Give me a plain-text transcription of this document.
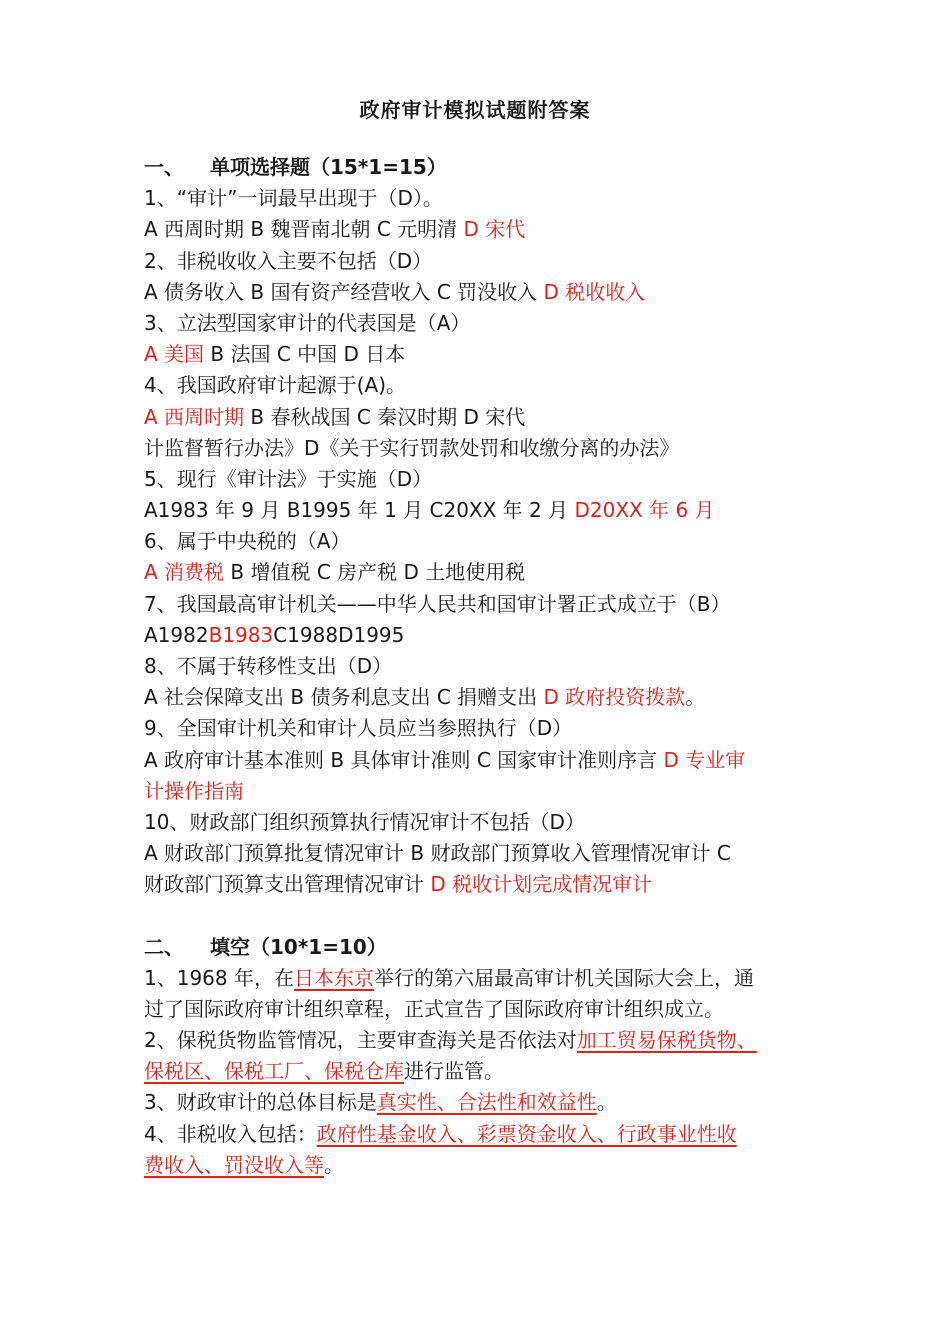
政府审计模拟试题附答案
一、 单项选择题（15*1=15）
1、“审计”一词最早出现于（D）。
A 西周时期 B 魏晋南北朝 C 元明清 D 宋代
2、非税收收入主要不包括（D）
A 债务收入 B 国有资产经营收入 C 罚没收入 D 税收收入
3、立法型国家审计的代表国是（A）
A 美国 B 法国 C 中国 D 日本
4、我国政府审计起源于(A)。
A 西周时期 B 春秋战国 C 秦汉时期 D 宋代
计监督暂行办法》D《关于实行罚款处罚和收缴分离的办法》
5、现行《审计法》于实施（D）
A1983 年 9 月 B1995 年 1 月 C20XX 年 2 月 D20XX 年 6 月
6、属于中央税的（A）
A 消费税 B 增值税 C 房产税 D 土地使用税
7、我国最高审计机关——中华人民共和国审计署正式成立于（B）
A1982B1983C1988D1995
8、不属于转移性支出（D）
A 社会保障支出 B 债务利息支出 C 捐赠支出 D 政府投资拨款。
9、全国审计机关和审计人员应当参照执行（D）
A 政府审计基本准则 B 具体审计准则 C 国家审计准则序言 D 专业审
计操作指南
10、财政部门组织预算执行情况审计不包括（D）
A 财政部门预算批复情况审计 B 财政部门预算收入管理情况审计 C
财政部门预算支出管理情况审计 D 税收计划完成情况审计
二、 填空（10*1=10）
1、1968 年，在日本东京举行的第六届最高审计机关国际大会上，通
过了国际政府审计组织章程，正式宣告了国际政府审计组织成立。
2、保税货物监管情况，主要审查海关是否依法对加工贸易保税货物、
保税区、保税工厂、保税仓库进行监管。
3、财政审计的总体目标是真实性、合法性和效益性。
4、非税收入包括：政府性基金收入、彩票资金收入、行政事业性收
费收入、罚没收入等。
